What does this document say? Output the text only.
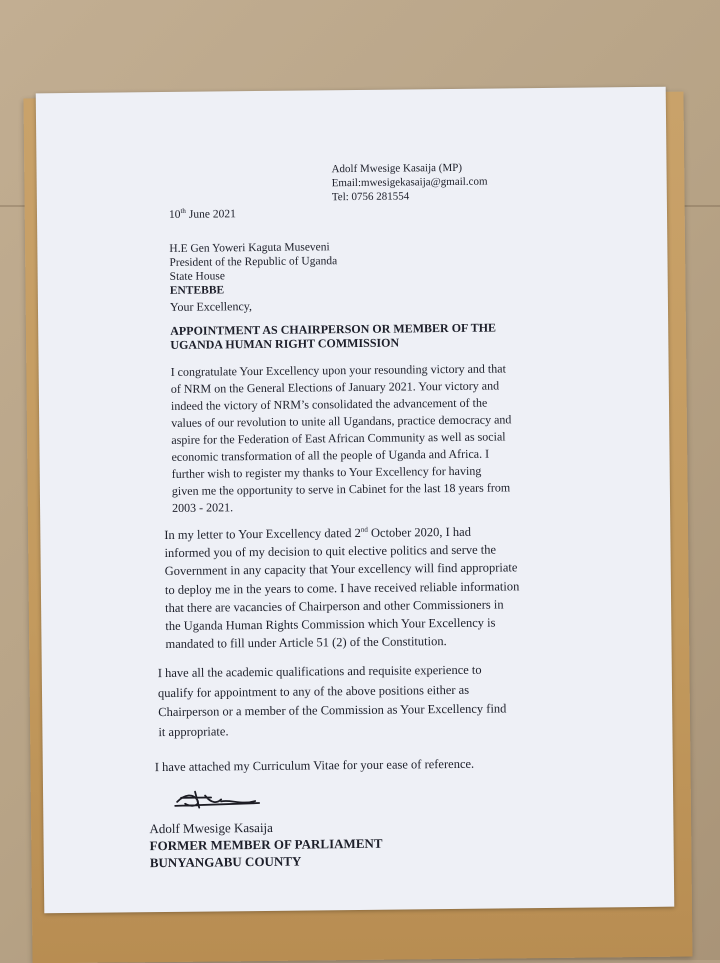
Adolf Mwesige Kasaija (MP)
Email:mwesigekasaija@gmail.com
Tel: 0756 281554
10th June 2021
H.E Gen Yoweri Kaguta Museveni
President of the Republic of Uganda
State House
ENTEBBE
Your Excellency,
APPOINTMENT AS CHAIRPERSON OR MEMBER OF THE
UGANDA HUMAN RIGHT COMMISSION
I congratulate Your Excellency upon your resounding victory and that
of NRM on the General Elections of January 2021. Your victory and
indeed the victory of NRM’s consolidated the advancement of the
values of our revolution to unite all Ugandans, practice democracy and
aspire for the Federation of East African Community as well as social
economic transformation of all the people of Uganda and Africa. I
further wish to register my thanks to Your Excellency for having
given me the opportunity to serve in Cabinet for the last 18 years from
2003 - 2021.
In my letter to Your Excellency dated 2nd October 2020, I had
informed you of my decision to quit elective politics and serve the
Government in any capacity that Your excellency will find appropriate
to deploy me in the years to come. I have received reliable information
that there are vacancies of Chairperson and other Commissioners in
the Uganda Human Rights Commission which Your Excellency is
mandated to fill under Article 51 (2) of the Constitution.
I have all the academic qualifications and requisite experience to
qualify for appointment to any of the above positions either as
Chairperson or a member of the Commission as Your Excellency find
it appropriate.
I have attached my Curriculum Vitae for your ease of reference.
Adolf Mwesige Kasaija
FORMER MEMBER OF PARLIAMENT
BUNYANGABU COUNTY
